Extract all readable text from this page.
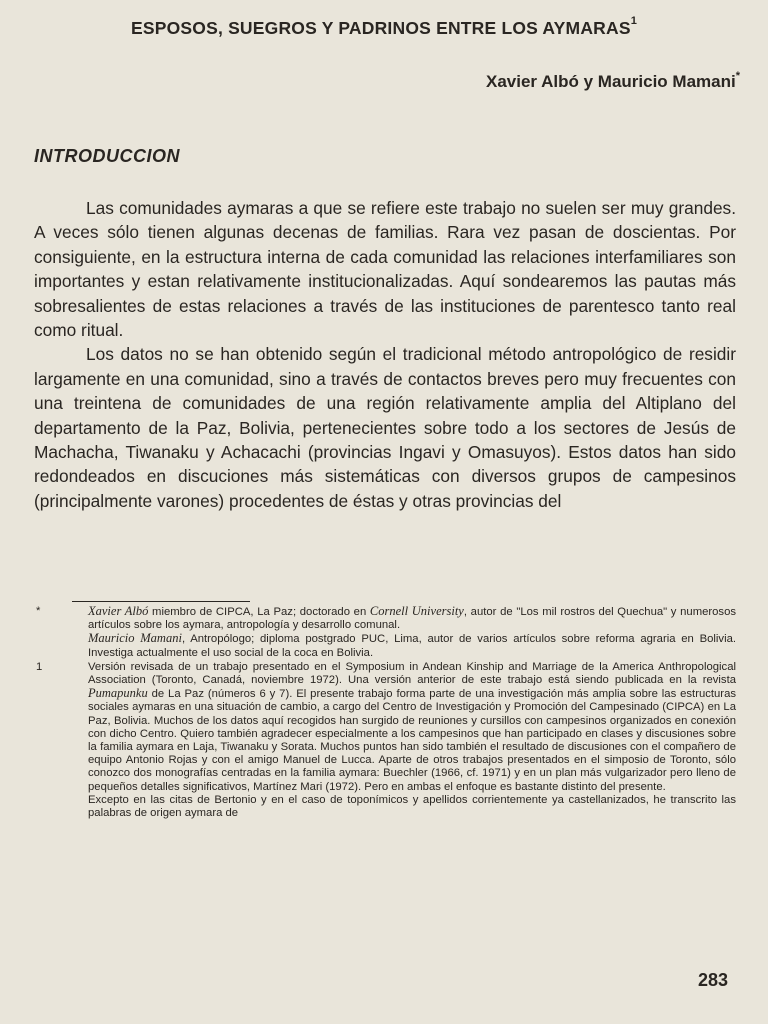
ESPOSOS, SUEGROS Y PADRINOS ENTRE LOS AYMARAS$^1$
Xavier Albó y Mauricio Mamani*
INTRODUCCION

Las comunidades aymaras a que se refiere este trabajo no suelen ser muy grandes. A veces sólo tienen algunas decenas de familias. Rara vez pasan de doscientas. Por consiguiente, en la estructura interna de cada comunidad las relaciones interfamiliares son importantes y estan relativamente institucionalizadas. Aquí sondearemos las pautas más sobresalientes de estas relaciones a través de las instituciones de parentesco tanto real como ritual.

Los datos no se han obtenido según el tradicional método antropológico de residir largamente en una comunidad, sino a través de contactos breves pero muy frecuentes con una treintena de comunidades de una región relativamente amplia del Altiplano del departamento de la Paz, Bolivia, pertenecientes sobre todo a los sectores de Jesús de Machacha, Tiwanaku y Achacachi (provincias Ingavi y Omasuyos). Estos datos han sido redondeados en discuciones más sistemáticas con diversos grupos de campesinos (principalmente varones) procedentes de éstas y otras provincias del

*	Xavier Albó miembro de CIPCA, La Paz; doctorado en Cornell University, autor de "Los mil rostros del Quechua" y numerosos artículos sobre los aymara, antropología y desarrollo comunal.

Mauricio Mamani, Antropólogo; diploma postgrado PUC, Lima, autor de varios artículos sobre reforma agraria en Bolivia. Investiga actualmente el uso social de la coca en Bolivia.

1	Versión revisada de un trabajo presentado en el Symposium in Andean Kinship and Marriage de la America Anthropological Association (Toronto, Canadá, noviembre 1972). Una versión anterior de este trabajo está siendo publicada en la revista Pumapunku de La Paz (números 6 y 7). El presente trabajo forma parte de una investigación más amplia sobre las estructuras sociales aymaras en una situación de cambio, a cargo del Centro de Investigación y Promoción del Campesinado (CIPCA) en La Paz, Bolivia. Muchos de los datos aquí recogidos han surgido de reuniones y cursillos con campesinos organizados en conexión con dicho Centro. Quiero también agradecer especialmente a los campesinos que han participado en clases y discusiones sobre la familia aymara en Laja, Tiwanaku y Sorata. Muchos puntos han sido también el resultado de discusiones con el compañero de equipo Antonio Rojas y con el amigo Manuel de Lucca. Aparte de otros trabajos presentados en el simposio de Toronto, sólo conozco dos monografías centradas en la familia aymara: Buechler (1966, cf. 1971) y en un plan más vulgarizador pero lleno de pequeños detalles significativos, Martínez Mari (1972). Pero en ambas el enfoque es bastante distinto del presente.

Excepto en las citas de Bertonio y en el caso de toponímicos y apellidos corrientemente ya castellanizados, he transcrito las palabras de origen aymara de

283
